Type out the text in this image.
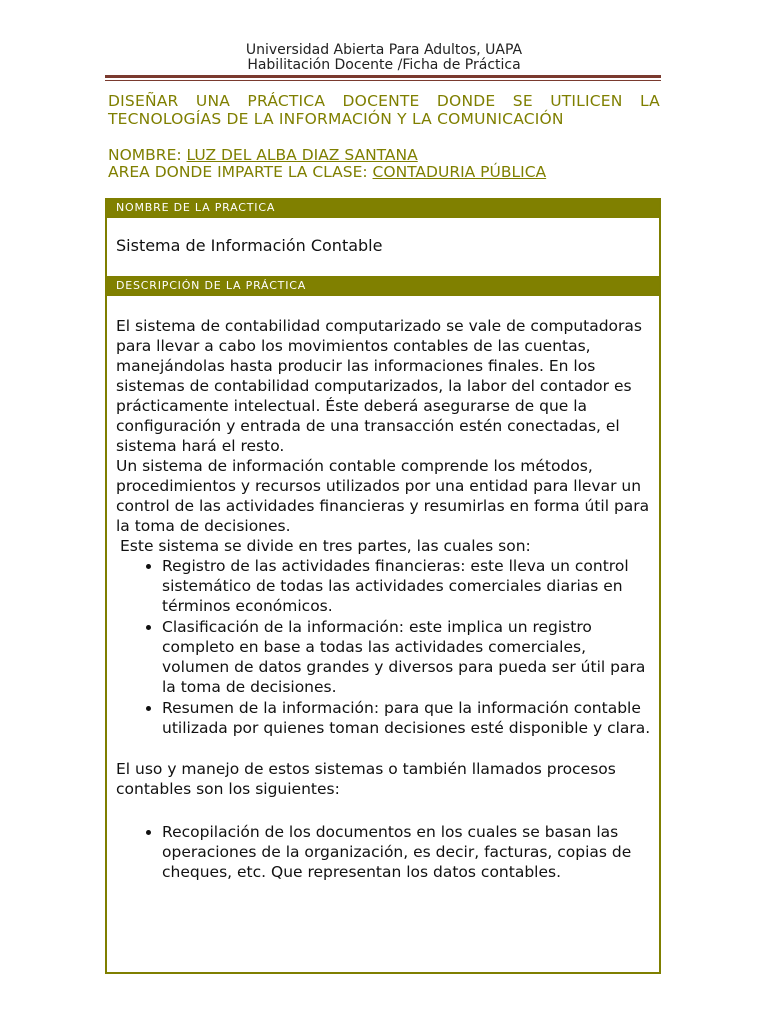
Universidad Abierta Para Adultos, UAPA
Habilitación Docente /Ficha de Práctica
DISEÑAR UNA PRÁCTICA DOCENTE DONDE SE UTILICEN LA
TECNOLOGÍAS DE LA INFORMACIÓN Y LA COMUNICACIÓN
NOMBRE: LUZ DEL ALBA DIAZ SANTANA
AREA DONDE IMPARTE LA CLASE: CONTADURIA PÚBLICA
NOMBRE DE LA PRACTICA
Sistema de Información Contable
DESCRIPCIÓN DE LA PRÁCTICA

El sistema de contabilidad computarizado se vale de computadoras para llevar a cabo los movimientos contables de las cuentas, manejándolas hasta producir las informaciones finales. En los sistemas de contabilidad computarizados, la labor del contador es prácticamente intelectual. Éste deberá asegurarse de que la configuración y entrada de una transacción estén conectadas, el sistema hará el resto.

Un sistema de información contable comprende los métodos, procedimientos y recursos utilizados por una entidad para llevar un control de las actividades financieras y resumirlas en forma útil para la toma de decisiones.

Este sistema se divide en tres partes, las cuales son:

• Registro de las actividades financieras: este lleva un control sistemático de todas las actividades comerciales diarias en términos económicos.
• Clasificación de la información: este implica un registro completo en base a todas las actividades comerciales, volumen de datos grandes y diversos para pueda ser útil para la toma de decisiones.
• Resumen de la información: para que la información contable utilizada por quienes toman decisiones esté disponible y clara.

El uso y manejo de estos sistemas o también llamados procesos contables son los siguientes:

• Recopilación de los documentos en los cuales se basan las operaciones de la organización, es decir, facturas, copias de cheques, etc. Que representan los datos contables.
